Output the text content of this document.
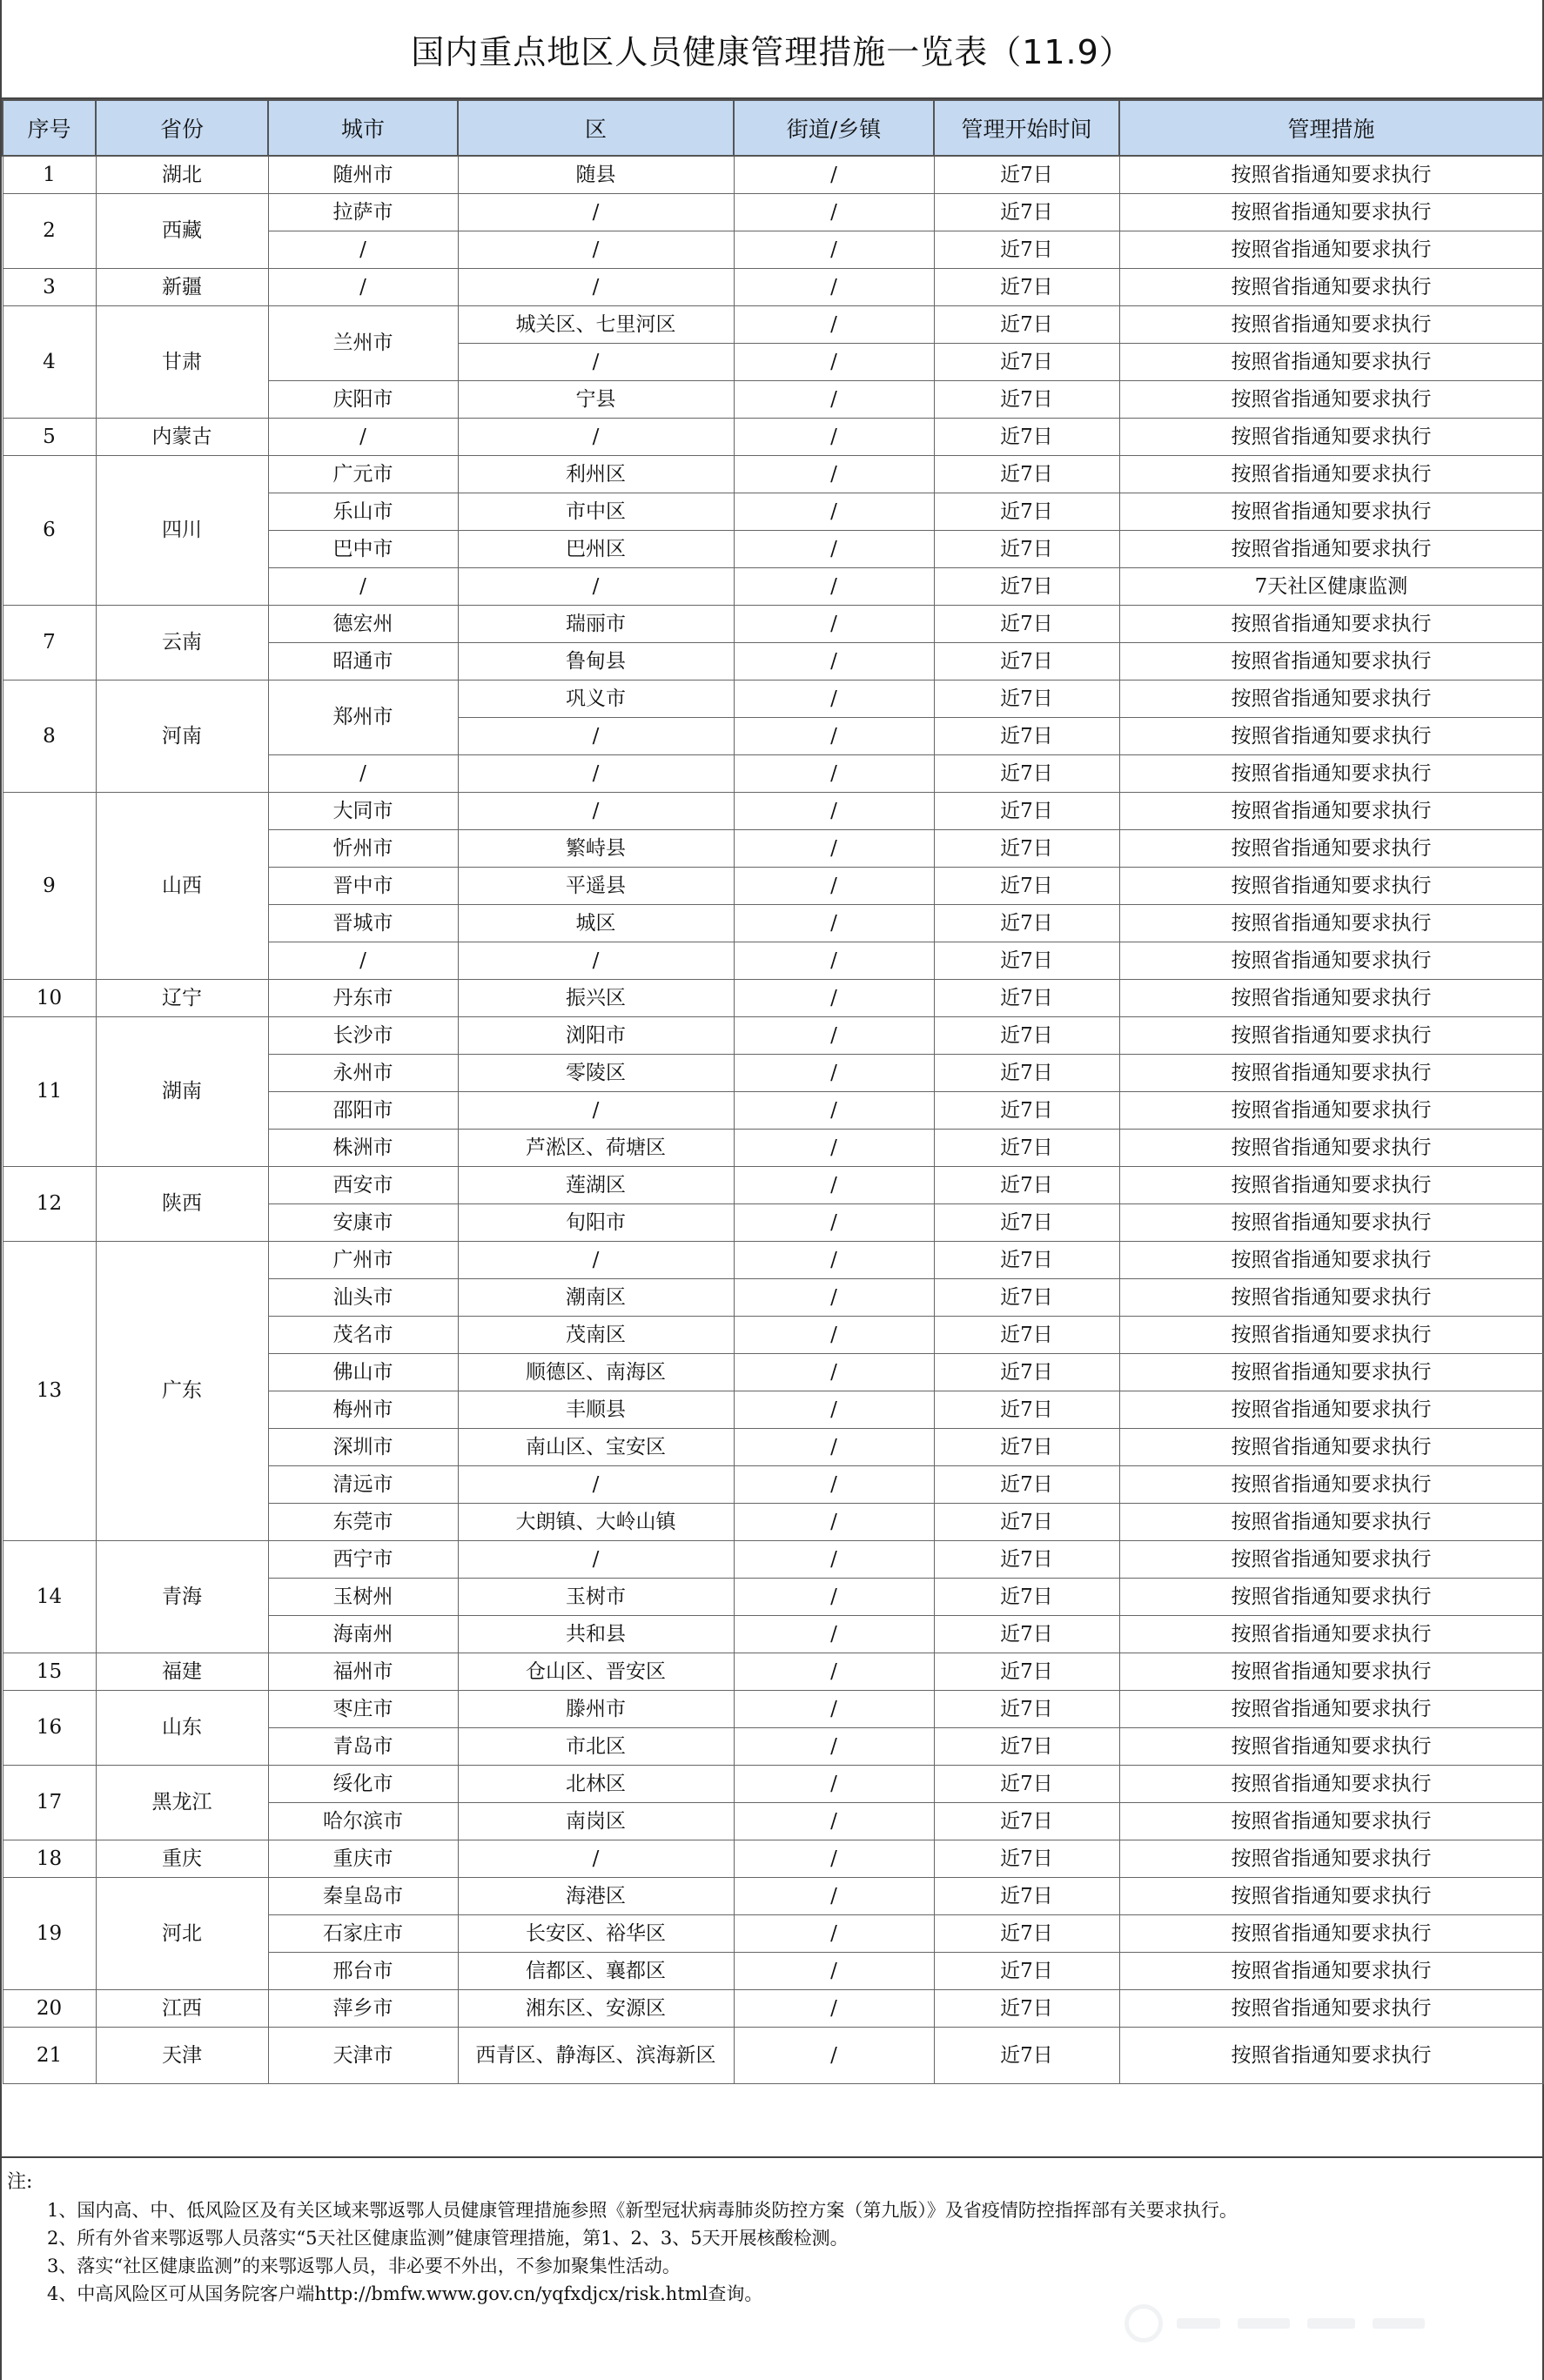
国内重点地区人员健康管理措施一览表（11.9）
序号	省份	城市	区	街道/乡镇	管理开始时间	管理措施
1	湖北	随州市	随县	/	近7日	按照省指通知要求执行
2	西藏	拉萨市	/	/	近7日	按照省指通知要求执行
		/	/	/	近7日	按照省指通知要求执行
3	新疆	/	/	/	近7日	按照省指通知要求执行
4	甘肃	兰州市	城关区、七里河区	/	近7日	按照省指通知要求执行
			/	/	近7日	按照省指通知要求执行
		庆阳市	宁县	/	近7日	按照省指通知要求执行
5	内蒙古	/	/	/	近7日	按照省指通知要求执行
6	四川	广元市	利州区	/	近7日	按照省指通知要求执行
		乐山市	市中区	/	近7日	按照省指通知要求执行
		巴中市	巴州区	/	近7日	按照省指通知要求执行
		/	/	/	近7日	7天社区健康监测
7	云南	德宏州	瑞丽市	/	近7日	按照省指通知要求执行
		昭通市	鲁甸县	/	近7日	按照省指通知要求执行
8	河南	郑州市	巩义市	/	近7日	按照省指通知要求执行
			/	/	近7日	按照省指通知要求执行
		/	/	/	近7日	按照省指通知要求执行
9	山西	大同市	/	/	近7日	按照省指通知要求执行
		忻州市	繁峙县	/	近7日	按照省指通知要求执行
		晋中市	平遥县	/	近7日	按照省指通知要求执行
		晋城市	城区	/	近7日	按照省指通知要求执行
		/	/	/	近7日	按照省指通知要求执行
10	辽宁	丹东市	振兴区	/	近7日	按照省指通知要求执行
11	湖南	长沙市	浏阳市	/	近7日	按照省指通知要求执行
		永州市	零陵区	/	近7日	按照省指通知要求执行
		邵阳市	/	/	近7日	按照省指通知要求执行
		株洲市	芦淞区、荷塘区	/	近7日	按照省指通知要求执行
12	陕西	西安市	莲湖区	/	近7日	按照省指通知要求执行
		安康市	旬阳市	/	近7日	按照省指通知要求执行
13	广东	广州市	/	/	近7日	按照省指通知要求执行
		汕头市	潮南区	/	近7日	按照省指通知要求执行
		茂名市	茂南区	/	近7日	按照省指通知要求执行
		佛山市	顺德区、南海区	/	近7日	按照省指通知要求执行
		梅州市	丰顺县	/	近7日	按照省指通知要求执行
		深圳市	南山区、宝安区	/	近7日	按照省指通知要求执行
		清远市	/	/	近7日	按照省指通知要求执行
		东莞市	大朗镇、大岭山镇	/	近7日	按照省指通知要求执行
14	青海	西宁市	/	/	近7日	按照省指通知要求执行
		玉树州	玉树市	/	近7日	按照省指通知要求执行
		海南州	共和县	/	近7日	按照省指通知要求执行
15	福建	福州市	仓山区、晋安区	/	近7日	按照省指通知要求执行
16	山东	枣庄市	滕州市	/	近7日	按照省指通知要求执行
		青岛市	市北区	/	近7日	按照省指通知要求执行
17	黑龙江	绥化市	北林区	/	近7日	按照省指通知要求执行
		哈尔滨市	南岗区	/	近7日	按照省指通知要求执行
18	重庆	重庆市	/	/	近7日	按照省指通知要求执行
19	河北	秦皇岛市	海港区	/	近7日	按照省指通知要求执行
		石家庄市	长安区、裕华区	/	近7日	按照省指通知要求执行
		邢台市	信都区、襄都区	/	近7日	按照省指通知要求执行
20	江西	萍乡市	湘东区、安源区	/	近7日	按照省指通知要求执行
21	天津	天津市	西青区、静海区、滨海新区	/	近7日	按照省指通知要求执行
注:
1、国内高、中、低风险区及有关区域来鄂返鄂人员健康管理措施参照《新型冠状病毒肺炎防控方案（第九版）》及省疫情防控指挥部有关要求执行。
2、所有外省来鄂返鄂人员落实“5天社区健康监测”健康管理措施，第1、2、3、5天开展核酸检测。
3、落实“社区健康监测”的来鄂返鄂人员，非必要不外出，不参加聚集性活动。
4、中高风险区可从国务院客户端http://bmfw.www.gov.cn/yqfxdjcx/risk.html查询。
